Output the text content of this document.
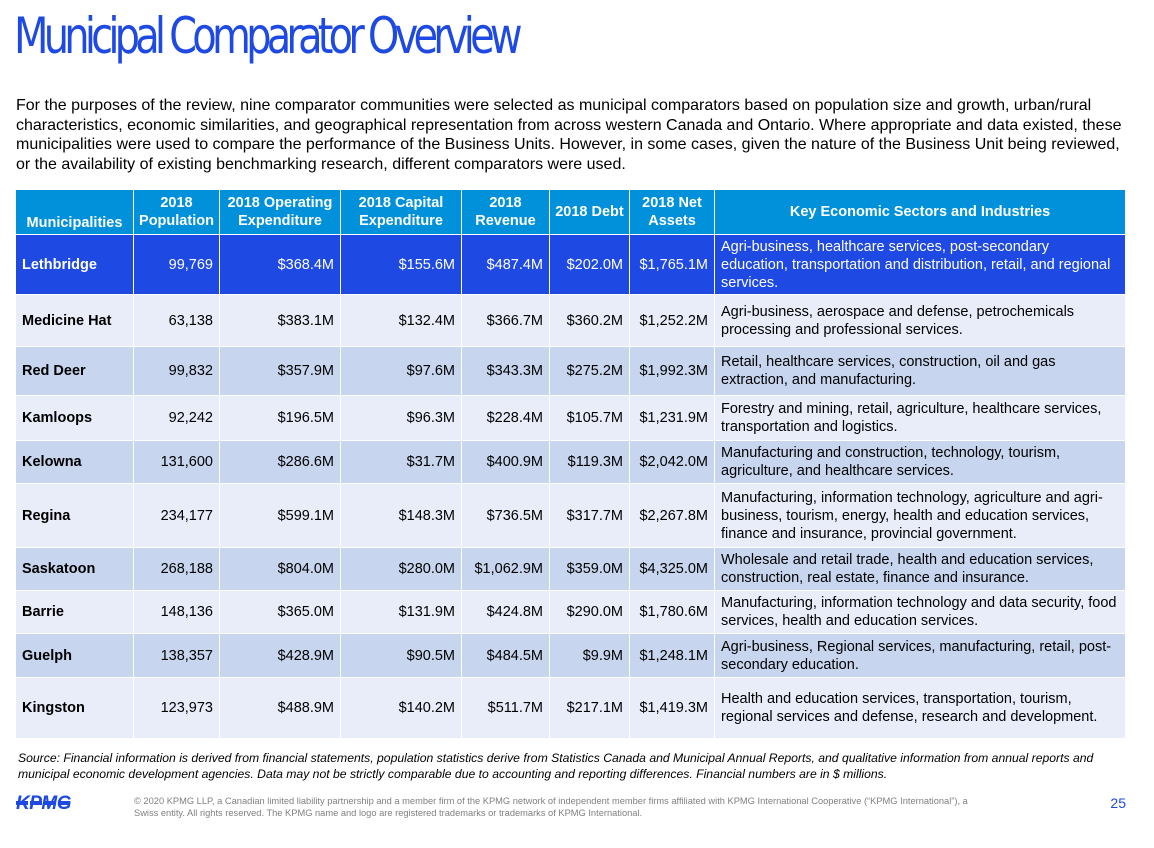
Municipal Comparator Overview
For the purposes of the review, nine comparator communities were selected as municipal comparators based on population size and growth, urban/rural characteristics, economic similarities, and geographical representation from across western Canada and Ontario. Where appropriate and data existed, these municipalities were used to compare the performance of the Business Units. However, in some cases, given the nature of the Business Unit being reviewed, or the availability of existing benchmarking research, different comparators were used.
Municipalities	2018 Population	2018 Operating Expenditure	2018 Capital Expenditure	2018 Revenue	2018 Debt	2018 Net Assets	Key Economic Sectors and Industries
Lethbridge	99,769	$368.4M	$155.6M	$487.4M	$202.0M	$1,765.1M	Agri-business, healthcare services, post-secondary education, transportation and distribution, retail, and regional services.
Medicine Hat	63,138	$383.1M	$132.4M	$366.7M	$360.2M	$1,252.2M	Agri-business, aerospace and defense, petrochemicals processing and professional services.
Red Deer	99,832	$357.9M	$97.6M	$343.3M	$275.2M	$1,992.3M	Retail, healthcare services, construction, oil and gas extraction, and manufacturing.
Kamloops	92,242	$196.5M	$96.3M	$228.4M	$105.7M	$1,231.9M	Forestry and mining, retail, agriculture, healthcare services, transportation and logistics.
Kelowna	131,600	$286.6M	$31.7M	$400.9M	$119.3M	$2,042.0M	Manufacturing and construction, technology, tourism, agriculture, and healthcare services.
Regina	234,177	$599.1M	$148.3M	$736.5M	$317.7M	$2,267.8M	Manufacturing, information technology, agriculture and agri-business, tourism, energy, health and education services, finance and insurance, provincial government.
Saskatoon	268,188	$804.0M	$280.0M	$1,062.9M	$359.0M	$4,325.0M	Wholesale and retail trade, health and education services, construction, real estate, finance and insurance.
Barrie	148,136	$365.0M	$131.9M	$424.8M	$290.0M	$1,780.6M	Manufacturing, information technology and data security, food services, health and education services.
Guelph	138,357	$428.9M	$90.5M	$484.5M	$9.9M	$1,248.1M	Agri-business, Regional services, manufacturing, retail, post-secondary education.
Kingston	123,973	$488.9M	$140.2M	$511.7M	$217.1M	$1,419.3M	Health and education services, transportation, tourism, regional services and defense, research and development.
Source: Financial information is derived from financial statements, population statistics derive from Statistics Canada and Municipal Annual Reports, and qualitative information from annual reports and municipal economic development agencies. Data may not be strictly comparable due to accounting and reporting differences. Financial numbers are in $ millions.
KPMG	© 2020 KPMG LLP, a Canadian limited liability partnership and a member firm of the KPMG network of independent member firms affiliated with KPMG International Cooperative (“KPMG International”), a Swiss entity. All rights reserved. The KPMG name and logo are registered trademarks or trademarks of KPMG International.
25
